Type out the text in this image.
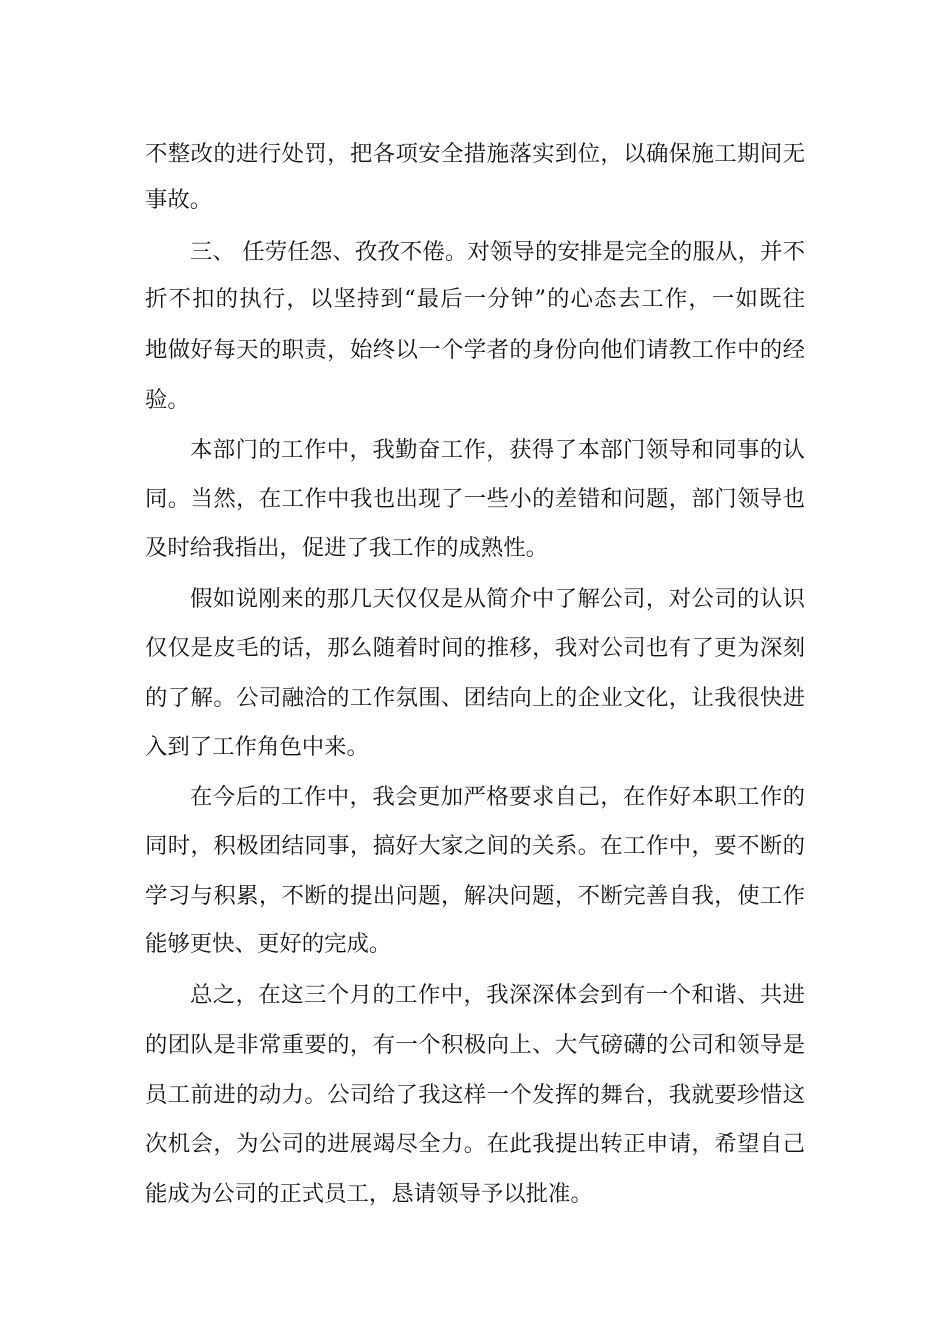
不整改的进行处罚，把各项安全措施落实到位，以确保施工期间无
事故。
三、 任劳任怨、孜孜不倦。对领导的安排是完全的服从，并不
折不扣的执行，以坚持到“最后一分钟”的心态去工作，一如既往
地做好每天的职责，始终以一个学者的身份向他们请教工作中的经
验。
本部门的工作中，我勤奋工作，获得了本部门领导和同事的认
同。当然，在工作中我也出现了一些小的差错和问题，部门领导也
及时给我指出，促进了我工作的成熟性。
假如说刚来的那几天仅仅是从简介中了解公司，对公司的认识
仅仅是皮毛的话，那么随着时间的推移，我对公司也有了更为深刻
的了解。公司融洽的工作氛围、团结向上的企业文化，让我很快进
入到了工作角色中来。
在今后的工作中，我会更加严格要求自己，在作好本职工作的
同时，积极团结同事，搞好大家之间的关系。在工作中，要不断的
学习与积累，不断的提出问题，解决问题，不断完善自我，使工作
能够更快、更好的完成。
总之，在这三个月的工作中，我深深体会到有一个和谐、共进
的团队是非常重要的，有一个积极向上、大气磅礴的公司和领导是
员工前进的动力。公司给了我这样一个发挥的舞台，我就要珍惜这
次机会，为公司的进展竭尽全力。在此我提出转正申请，希望自己
能成为公司的正式员工，恳请领导予以批准。
